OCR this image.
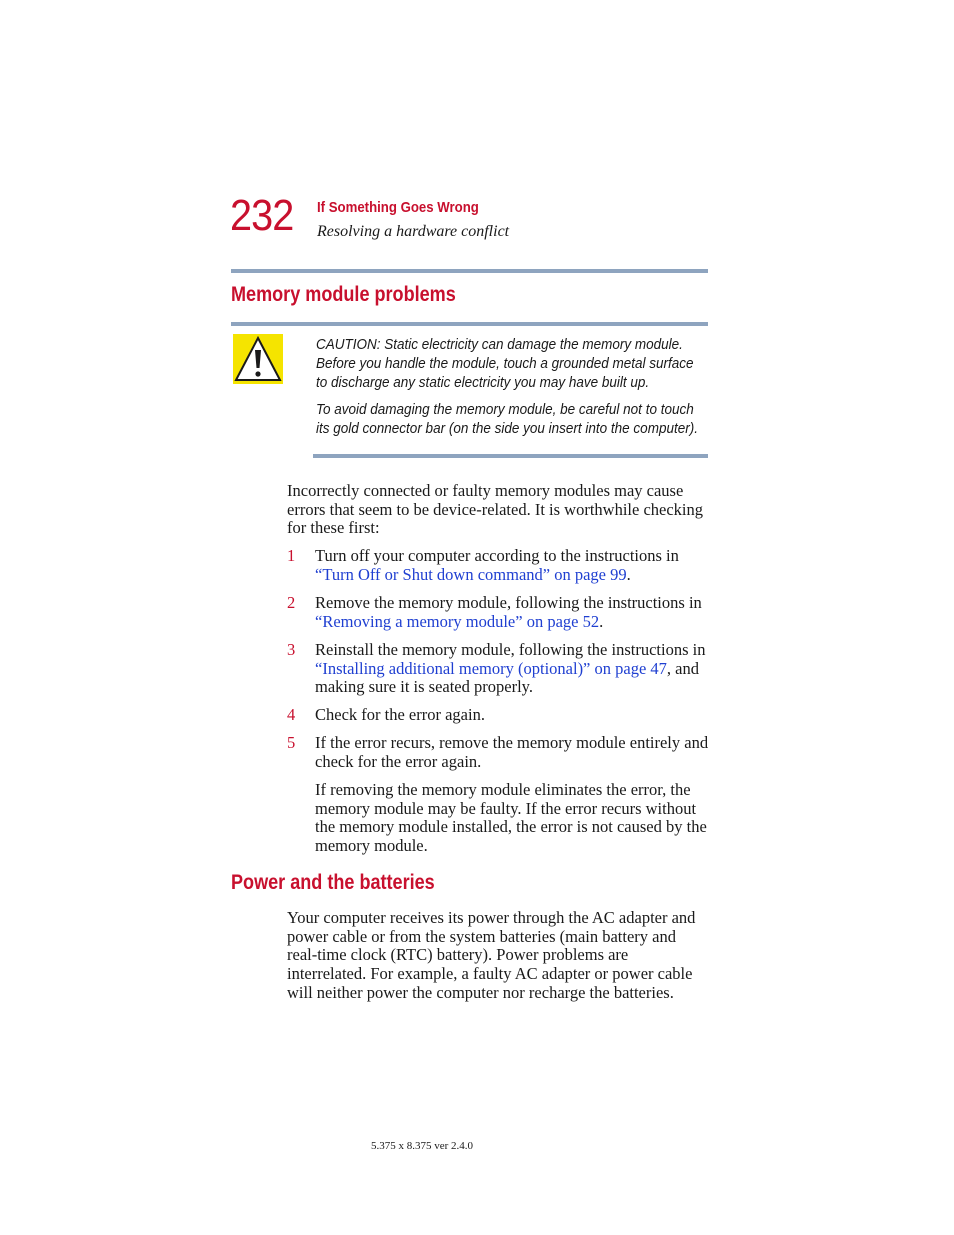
232 If Something Goes Wrong
Resolving a hardware conflict
Memory module problems
CAUTION: Static electricity can damage the memory module. Before you handle the module, touch a grounded metal surface to discharge any static electricity you may have built up.
To avoid damaging the memory module, be careful not to touch its gold connector bar (on the side you insert into the computer).
Incorrectly connected or faulty memory modules may cause errors that seem to be device-related. It is worthwhile checking for these first:
1 Turn off your computer according to the instructions in “Turn Off or Shut down command” on page 99.
2 Remove the memory module, following the instructions in “Removing a memory module” on page 52.
3 Reinstall the memory module, following the instructions in “Installing additional memory (optional)” on page 47, and making sure it is seated properly.
4 Check for the error again.
5 If the error recurs, remove the memory module entirely and check for the error again.
If removing the memory module eliminates the error, the memory module may be faulty. If the error recurs without the memory module installed, the error is not caused by the memory module.
Power and the batteries
Your computer receives its power through the AC adapter and power cable or from the system batteries (main battery and real-time clock (RTC) battery). Power problems are interrelated. For example, a faulty AC adapter or power cable will neither power the computer nor recharge the batteries.
5.375 x 8.375 ver 2.4.0
